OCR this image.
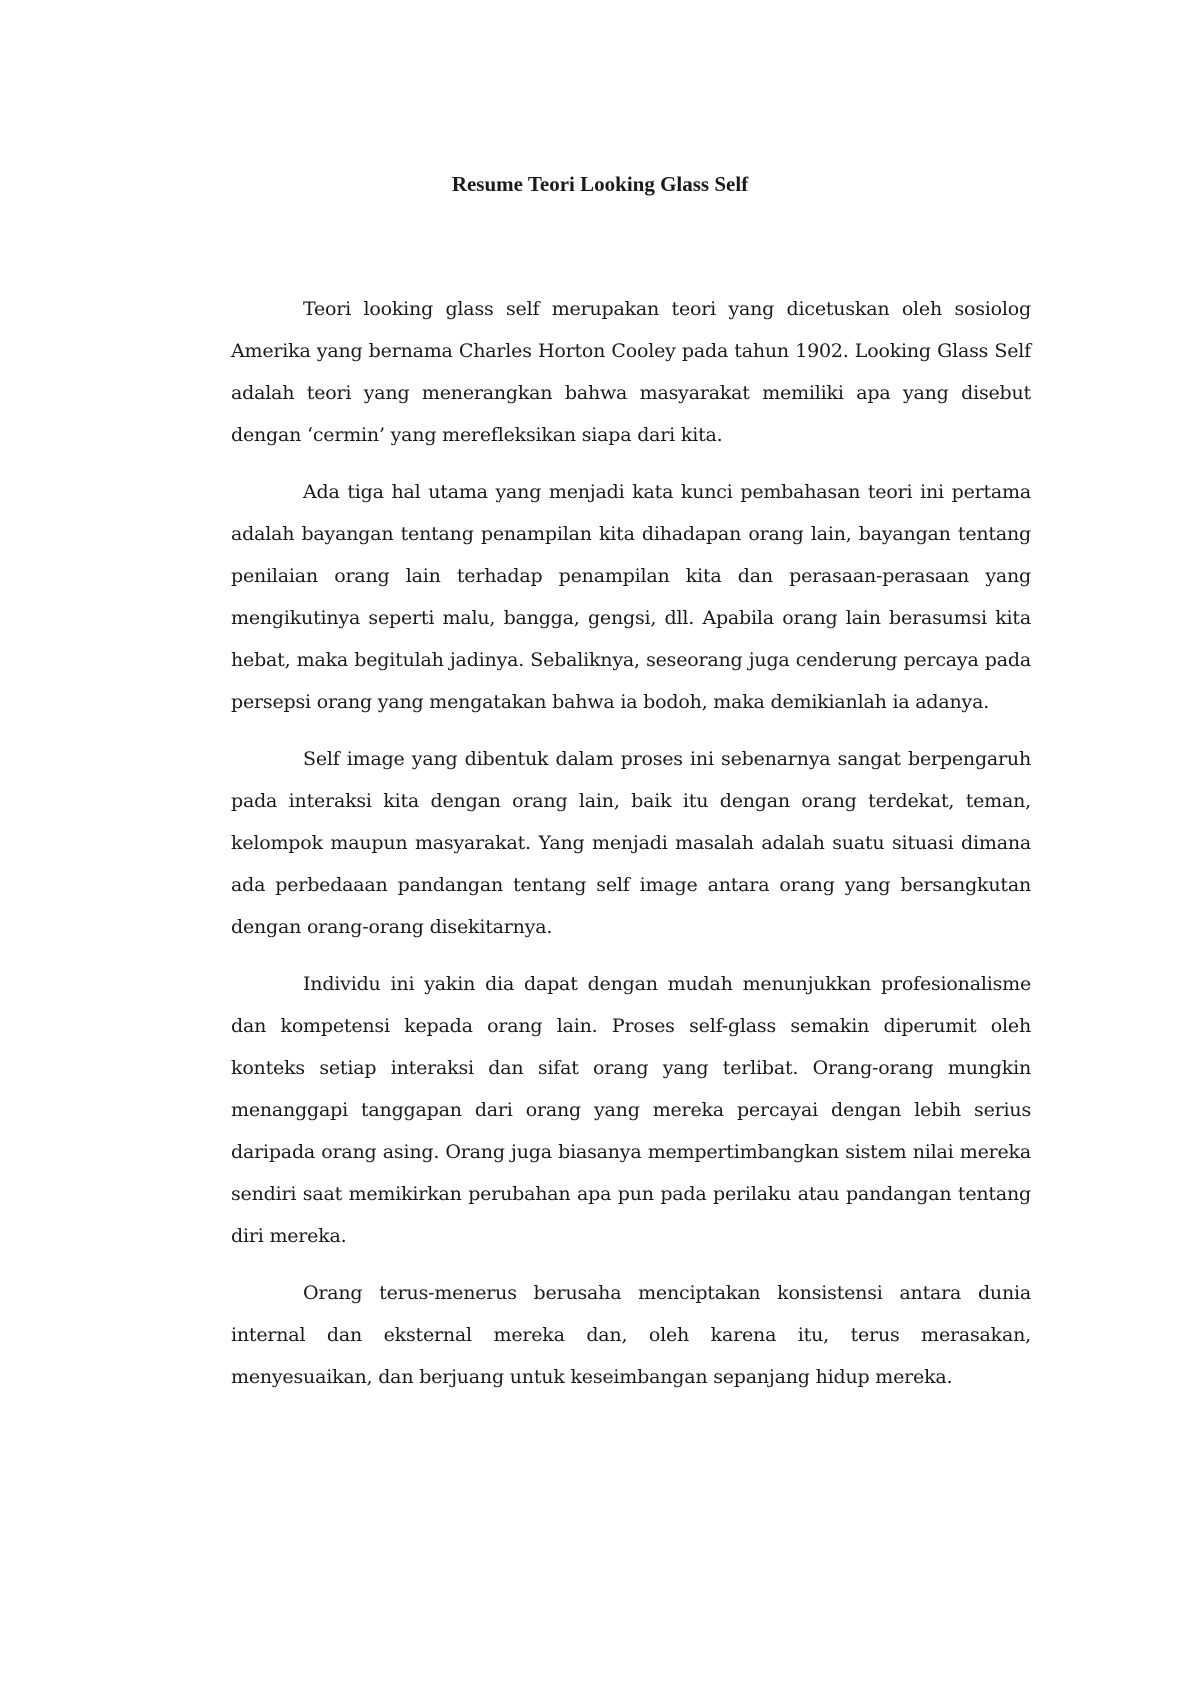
Resume Teori Looking Glass Self

Teori looking glass self merupakan teori yang dicetuskan oleh sosiolog Amerika yang bernama Charles Horton Cooley pada tahun 1902. Looking Glass Self adalah teori yang menerangkan bahwa masyarakat memiliki apa yang disebut dengan ‘cermin’ yang merefleksikan siapa dari kita.

Ada tiga hal utama yang menjadi kata kunci pembahasan teori ini pertama adalah bayangan tentang penampilan kita dihadapan orang lain, bayangan tentang penilaian orang lain terhadap penampilan kita dan perasaan-perasaan yang mengikutinya seperti malu, bangga, gengsi, dll. Apabila orang lain berasumsi kita hebat, maka begitulah jadinya. Sebaliknya, seseorang juga cenderung percaya pada persepsi orang yang mengatakan bahwa ia bodoh, maka demikianlah ia adanya.

Self image yang dibentuk dalam proses ini sebenarnya sangat berpengaruh pada interaksi kita dengan orang lain, baik itu dengan orang terdekat, teman, kelompok maupun masyarakat. Yang menjadi masalah adalah suatu situasi dimana ada perbedaaan pandangan tentang self image antara orang yang bersangkutan dengan orang-orang disekitarnya.

Individu ini yakin dia dapat dengan mudah menunjukkan profesionalisme dan kompetensi kepada orang lain. Proses self-glass semakin diperumit oleh konteks setiap interaksi dan sifat orang yang terlibat. Orang-orang mungkin menanggapi tanggapan dari orang yang mereka percayai dengan lebih serius daripada orang asing. Orang juga biasanya mempertimbangkan sistem nilai mereka sendiri saat memikirkan perubahan apa pun pada perilaku atau pandangan tentang diri mereka.

Orang terus-menerus berusaha menciptakan konsistensi antara dunia internal dan eksternal mereka dan, oleh karena itu, terus merasakan, menyesuaikan, dan berjuang untuk keseimbangan sepanjang hidup mereka.
